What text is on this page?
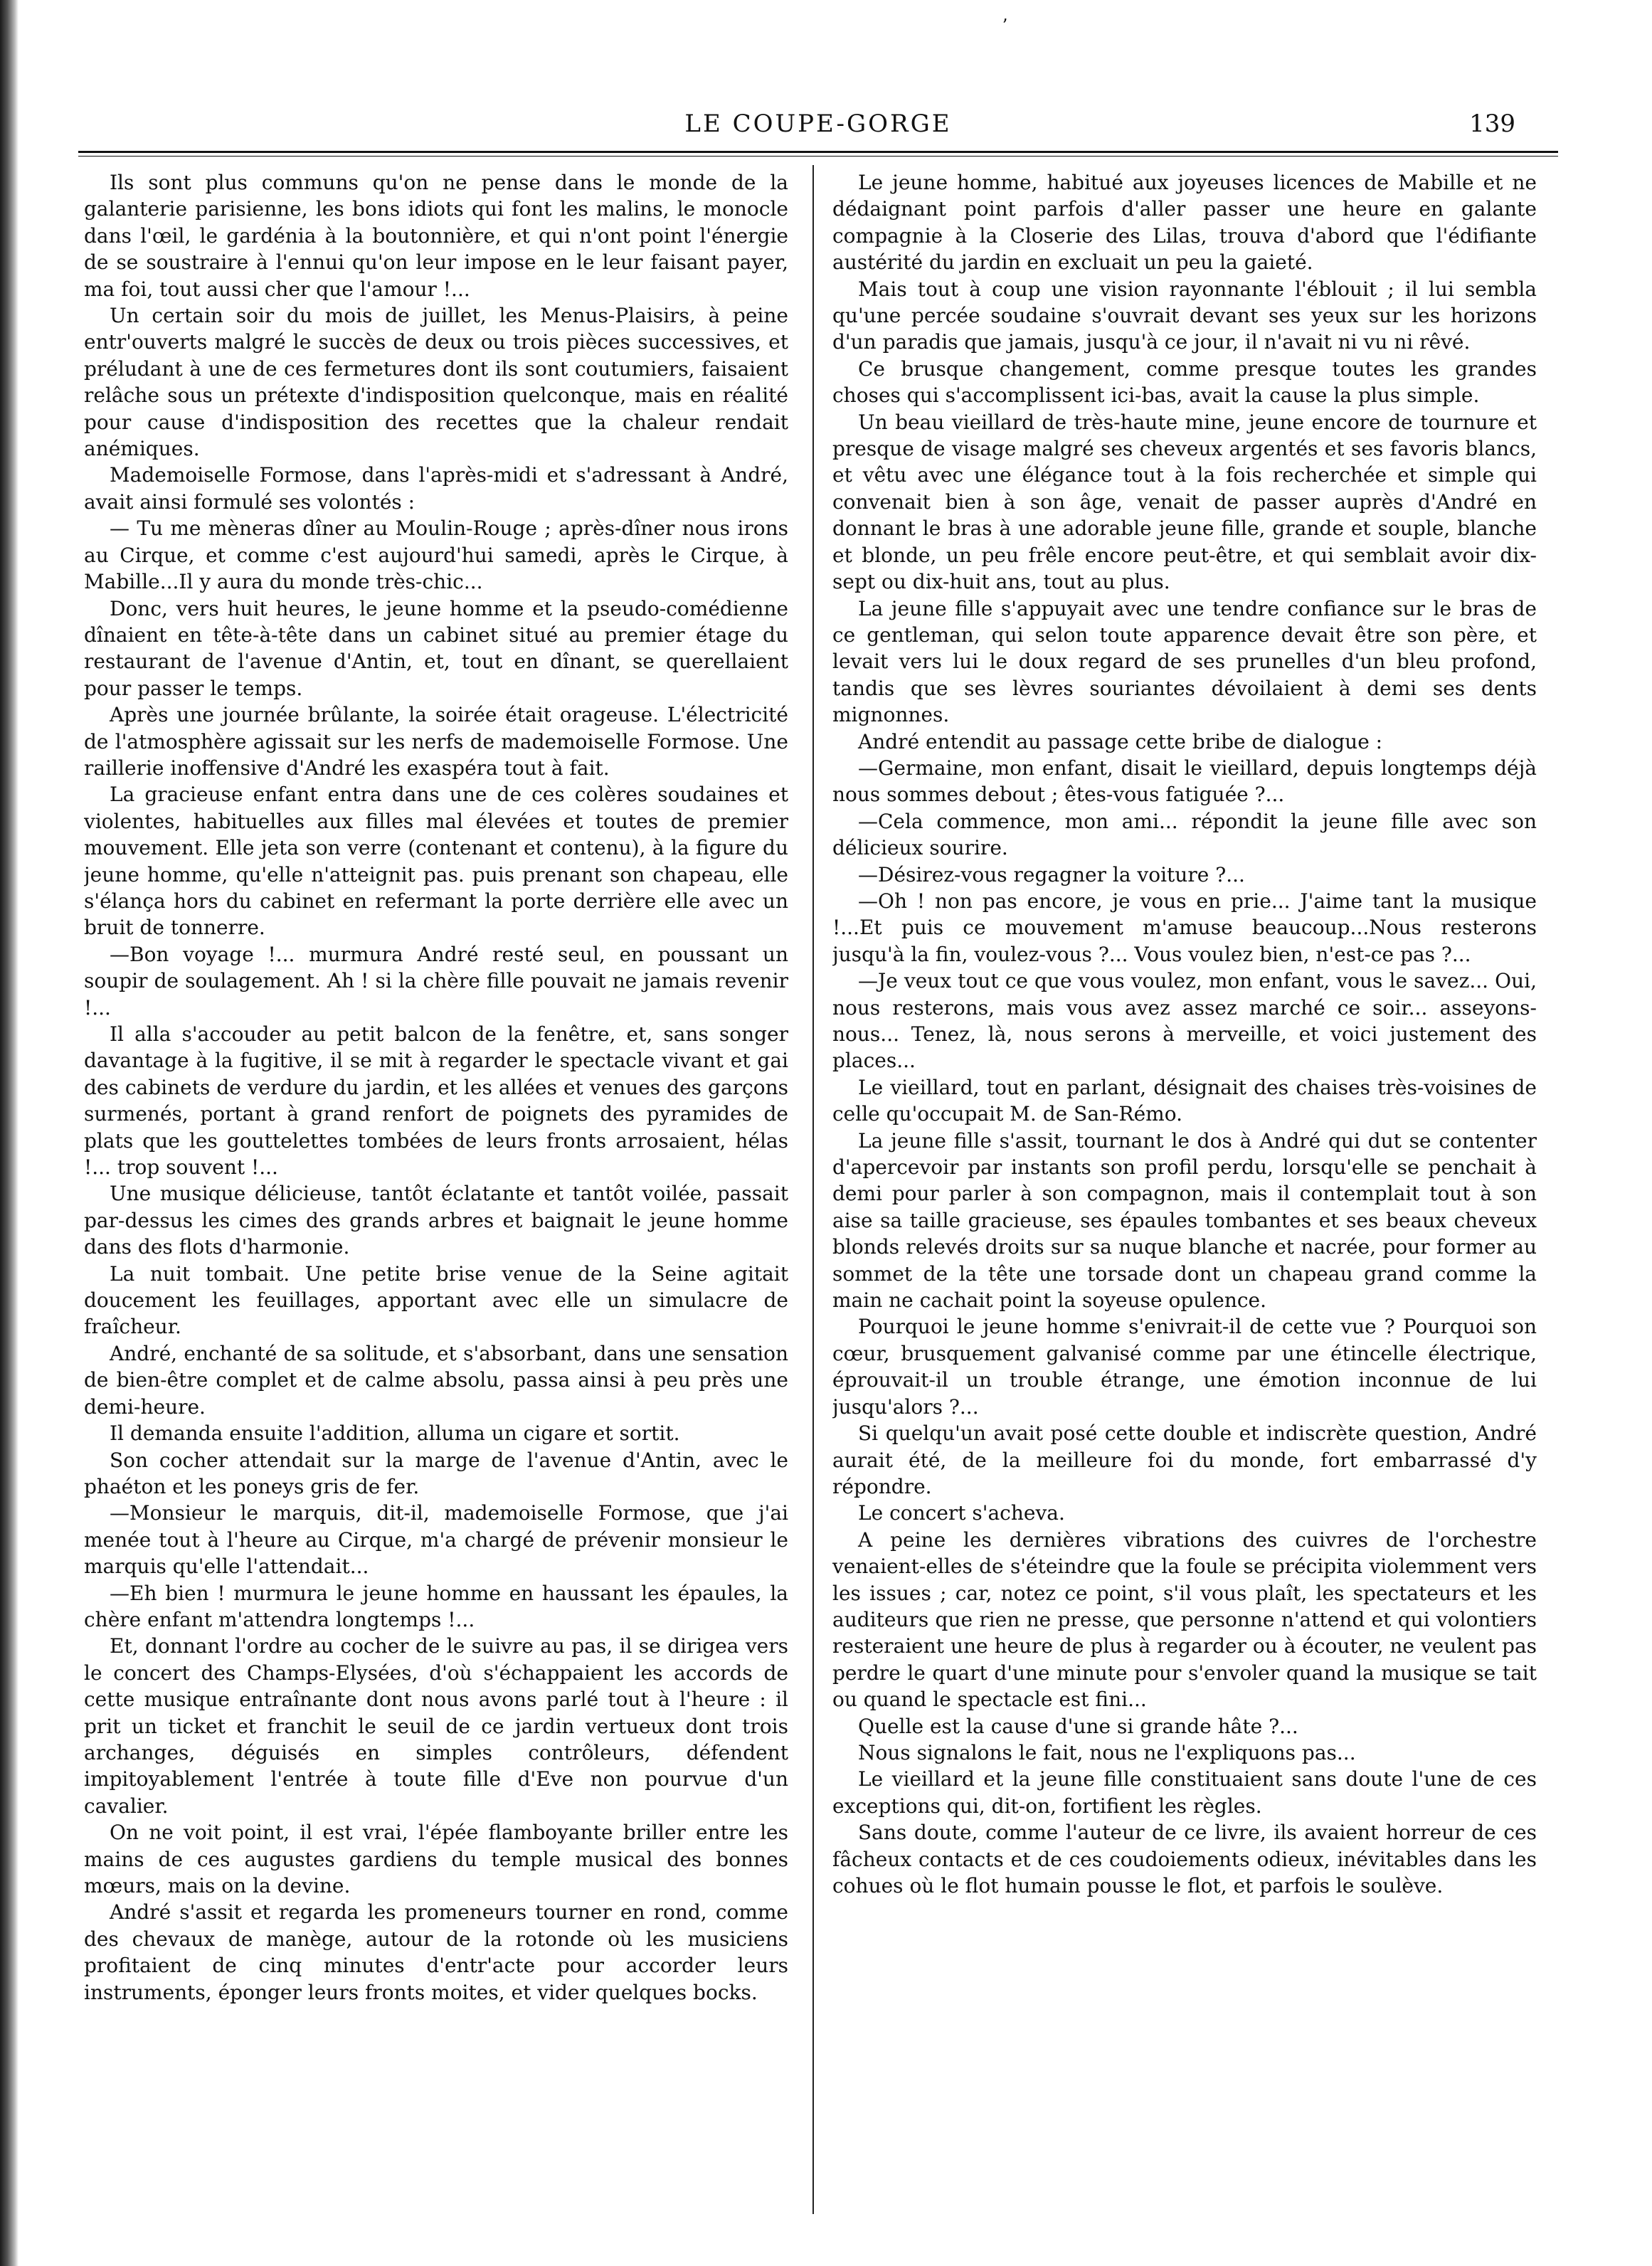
ʼ
LE COUPE-GORGE	139

Ils sont plus communs qu'on ne pense dans le monde de la galanterie parisienne, les bons idiots qui font les malins, le monocle dans l'œil, le gardénia à la boutonnière, et qui n'ont point l'énergie de se soustraire à l'ennui qu'on leur impose en le leur faisant payer, ma foi, tout aussi cher que l'amour !...

Un certain soir du mois de juillet, les Menus-Plaisirs, à peine entr'ouverts malgré le succès de deux ou trois pièces successives, et préludant à une de ces fermetures dont ils sont coutumiers, faisaient relâche sous un prétexte d'indisposition quelconque, mais en réalité pour cause d'indisposition des recettes que la chaleur rendait anémiques.

Mademoiselle Formose, dans l'après-midi et s'adressant à André, avait ainsi formulé ses volontés :

— Tu me mèneras dîner au Moulin-Rouge ; après-dîner nous irons au Cirque, et comme c'est aujourd'hui samedi, après le Cirque, à Mabille...Il y aura du monde très-chic...

Donc, vers huit heures, le jeune homme et la pseudo-comédienne dînaient en tête-à-tête dans un cabinet situé au premier étage du restaurant de l'avenue d'Antin, et, tout en dînant, se querellaient pour passer le temps.

Après une journée brûlante, la soirée était orageuse. L'électricité de l'atmosphère agissait sur les nerfs de mademoiselle Formose. Une raillerie inoffensive d'André les exaspéra tout à fait.

La gracieuse enfant entra dans une de ces colères soudaines et violentes, habituelles aux filles mal élevées et toutes de premier mouvement. Elle jeta son verre (contenant et contenu), à la figure du jeune homme, qu'elle n'atteignit pas. puis prenant son chapeau, elle s'élança hors du cabinet en refermant la porte derrière elle avec un bruit de tonnerre.

—Bon voyage !... murmura André resté seul, en poussant un soupir de soulagement. Ah ! si la chère fille pouvait ne jamais revenir !...

Il alla s'accouder au petit balcon de la fenêtre, et, sans songer davantage à la fugitive, il se mit à regarder le spectacle vivant et gai des cabinets de verdure du jardin, et les allées et venues des garçons surmenés, portant à grand renfort de poignets des pyramides de plats que les gouttelettes tombées de leurs fronts arrosaient, hélas !... trop souvent !...

Une musique délicieuse, tantôt éclatante et tantôt voilée, passait par-dessus les cimes des grands arbres et baignait le jeune homme dans des flots d'harmonie.

La nuit tombait. Une petite brise venue de la Seine agitait doucement les feuillages, apportant avec elle un simulacre de fraîcheur.

André, enchanté de sa solitude, et s'absorbant, dans une sensation de bien-être complet et de calme absolu, passa ainsi à peu près une demi-heure.

Il demanda ensuite l'addition, alluma un cigare et sortit.

Son cocher attendait sur la marge de l'avenue d'Antin, avec le phaéton et les poneys gris de fer.

—Monsieur le marquis, dit-il, mademoiselle Formose, que j'ai menée tout à l'heure au Cirque, m'a chargé de prévenir monsieur le marquis qu'elle l'attendait...

—Eh bien ! murmura le jeune homme en haussant les épaules, la chère enfant m'attendra longtemps !...

Et, donnant l'ordre au cocher de le suivre au pas, il se dirigea vers le concert des Champs-Elysées, d'où s'échappaient les accords de cette musique entraînante dont nous avons parlé tout à l'heure : il prit un ticket et franchit le seuil de ce jardin vertueux dont trois archanges, déguisés en simples contrôleurs, défendent impitoyablement l'entrée à toute fille d'Eve non pourvue d'un cavalier.

On ne voit point, il est vrai, l'épée flamboyante briller entre les mains de ces augustes gardiens du temple musical des bonnes mœurs, mais on la devine.

André s'assit et regarda les promeneurs tourner en rond, comme des chevaux de manège, autour de la rotonde où les musiciens profitaient de cinq minutes d'entr'acte pour accorder leurs instruments, éponger leurs fronts moites, et vider quelques bocks.

Le jeune homme, habitué aux joyeuses licences de Mabille et ne dédaignant point parfois d'aller passer une heure en galante compagnie à la Closerie des Lilas, trouva d'abord que l'édifiante austérité du jardin en excluait un peu la gaieté.

Mais tout à coup une vision rayonnante l'éblouit ; il lui sembla qu'une percée soudaine s'ouvrait devant ses yeux sur les horizons d'un paradis que jamais, jusqu'à ce jour, il n'avait ni vu ni rêvé.

Ce brusque changement, comme presque toutes les grandes choses qui s'accomplissent ici-bas, avait la cause la plus simple.

Un beau vieillard de très-haute mine, jeune encore de tournure et presque de visage malgré ses cheveux argentés et ses favoris blancs, et vêtu avec une élégance tout à la fois recherchée et simple qui convenait bien à son âge, venait de passer auprès d'André en donnant le bras à une adorable jeune fille, grande et souple, blanche et blonde, un peu frêle encore peut-être, et qui semblait avoir dix-sept ou dix-huit ans, tout au plus.

La jeune fille s'appuyait avec une tendre confiance sur le bras de ce gentleman, qui selon toute apparence devait être son père, et levait vers lui le doux regard de ses prunelles d'un bleu profond, tandis que ses lèvres souriantes dévoilaient à demi ses dents mignonnes.

André entendit au passage cette bribe de dialogue :

—Germaine, mon enfant, disait le vieillard, depuis longtemps déjà nous sommes debout ; êtes-vous fatiguée ?...

—Cela commence, mon ami... répondit la jeune fille avec son délicieux sourire.

—Désirez-vous regagner la voiture ?...

—Oh ! non pas encore, je vous en prie... J'aime tant la musique !...Et puis ce mouvement m'amuse beaucoup...Nous resterons jusqu'à la fin, voulez-vous ?... Vous voulez bien, n'est-ce pas ?...

—Je veux tout ce que vous voulez, mon enfant, vous le savez... Oui, nous resterons, mais vous avez assez marché ce soir... asseyons-nous... Tenez, là, nous serons à merveille, et voici justement des places...

Le vieillard, tout en parlant, désignait des chaises très-voisines de celle qu'occupait M. de San-Rémo.

La jeune fille s'assit, tournant le dos à André qui dut se contenter d'apercevoir par instants son profil perdu, lorsqu'elle se penchait à demi pour parler à son compagnon, mais il contemplait tout à son aise sa taille gracieuse, ses épaules tombantes et ses beaux cheveux blonds relevés droits sur sa nuque blanche et nacrée, pour former au sommet de la tête une torsade dont un chapeau grand comme la main ne cachait point la soyeuse opulence.

Pourquoi le jeune homme s'enivrait-il de cette vue ? Pourquoi son cœur, brusquement galvanisé comme par une étincelle électrique, éprouvait-il un trouble étrange, une émotion inconnue de lui jusqu'alors ?...

Si quelqu'un avait posé cette double et indiscrète question, André aurait été, de la meilleure foi du monde, fort embarrassé d'y répondre.

Le concert s'acheva.

A peine les dernières vibrations des cuivres de l'orchestre venaient-elles de s'éteindre que la foule se précipita violemment vers les issues ; car, notez ce point, s'il vous plaît, les spectateurs et les auditeurs que rien ne presse, que personne n'attend et qui volontiers resteraient une heure de plus à regarder ou à écouter, ne veulent pas perdre le quart d'une minute pour s'envoler quand la musique se tait ou quand le spectacle est fini...

Quelle est la cause d'une si grande hâte ?...

Nous signalons le fait, nous ne l'expliquons pas...

Le vieillard et la jeune fille constituaient sans doute l'une de ces exceptions qui, dit-on, fortifient les règles.

Sans doute, comme l'auteur de ce livre, ils avaient horreur de ces fâcheux contacts et de ces coudoiements odieux, inévitables dans les cohues où le flot humain pousse le flot, et parfois le soulève.
